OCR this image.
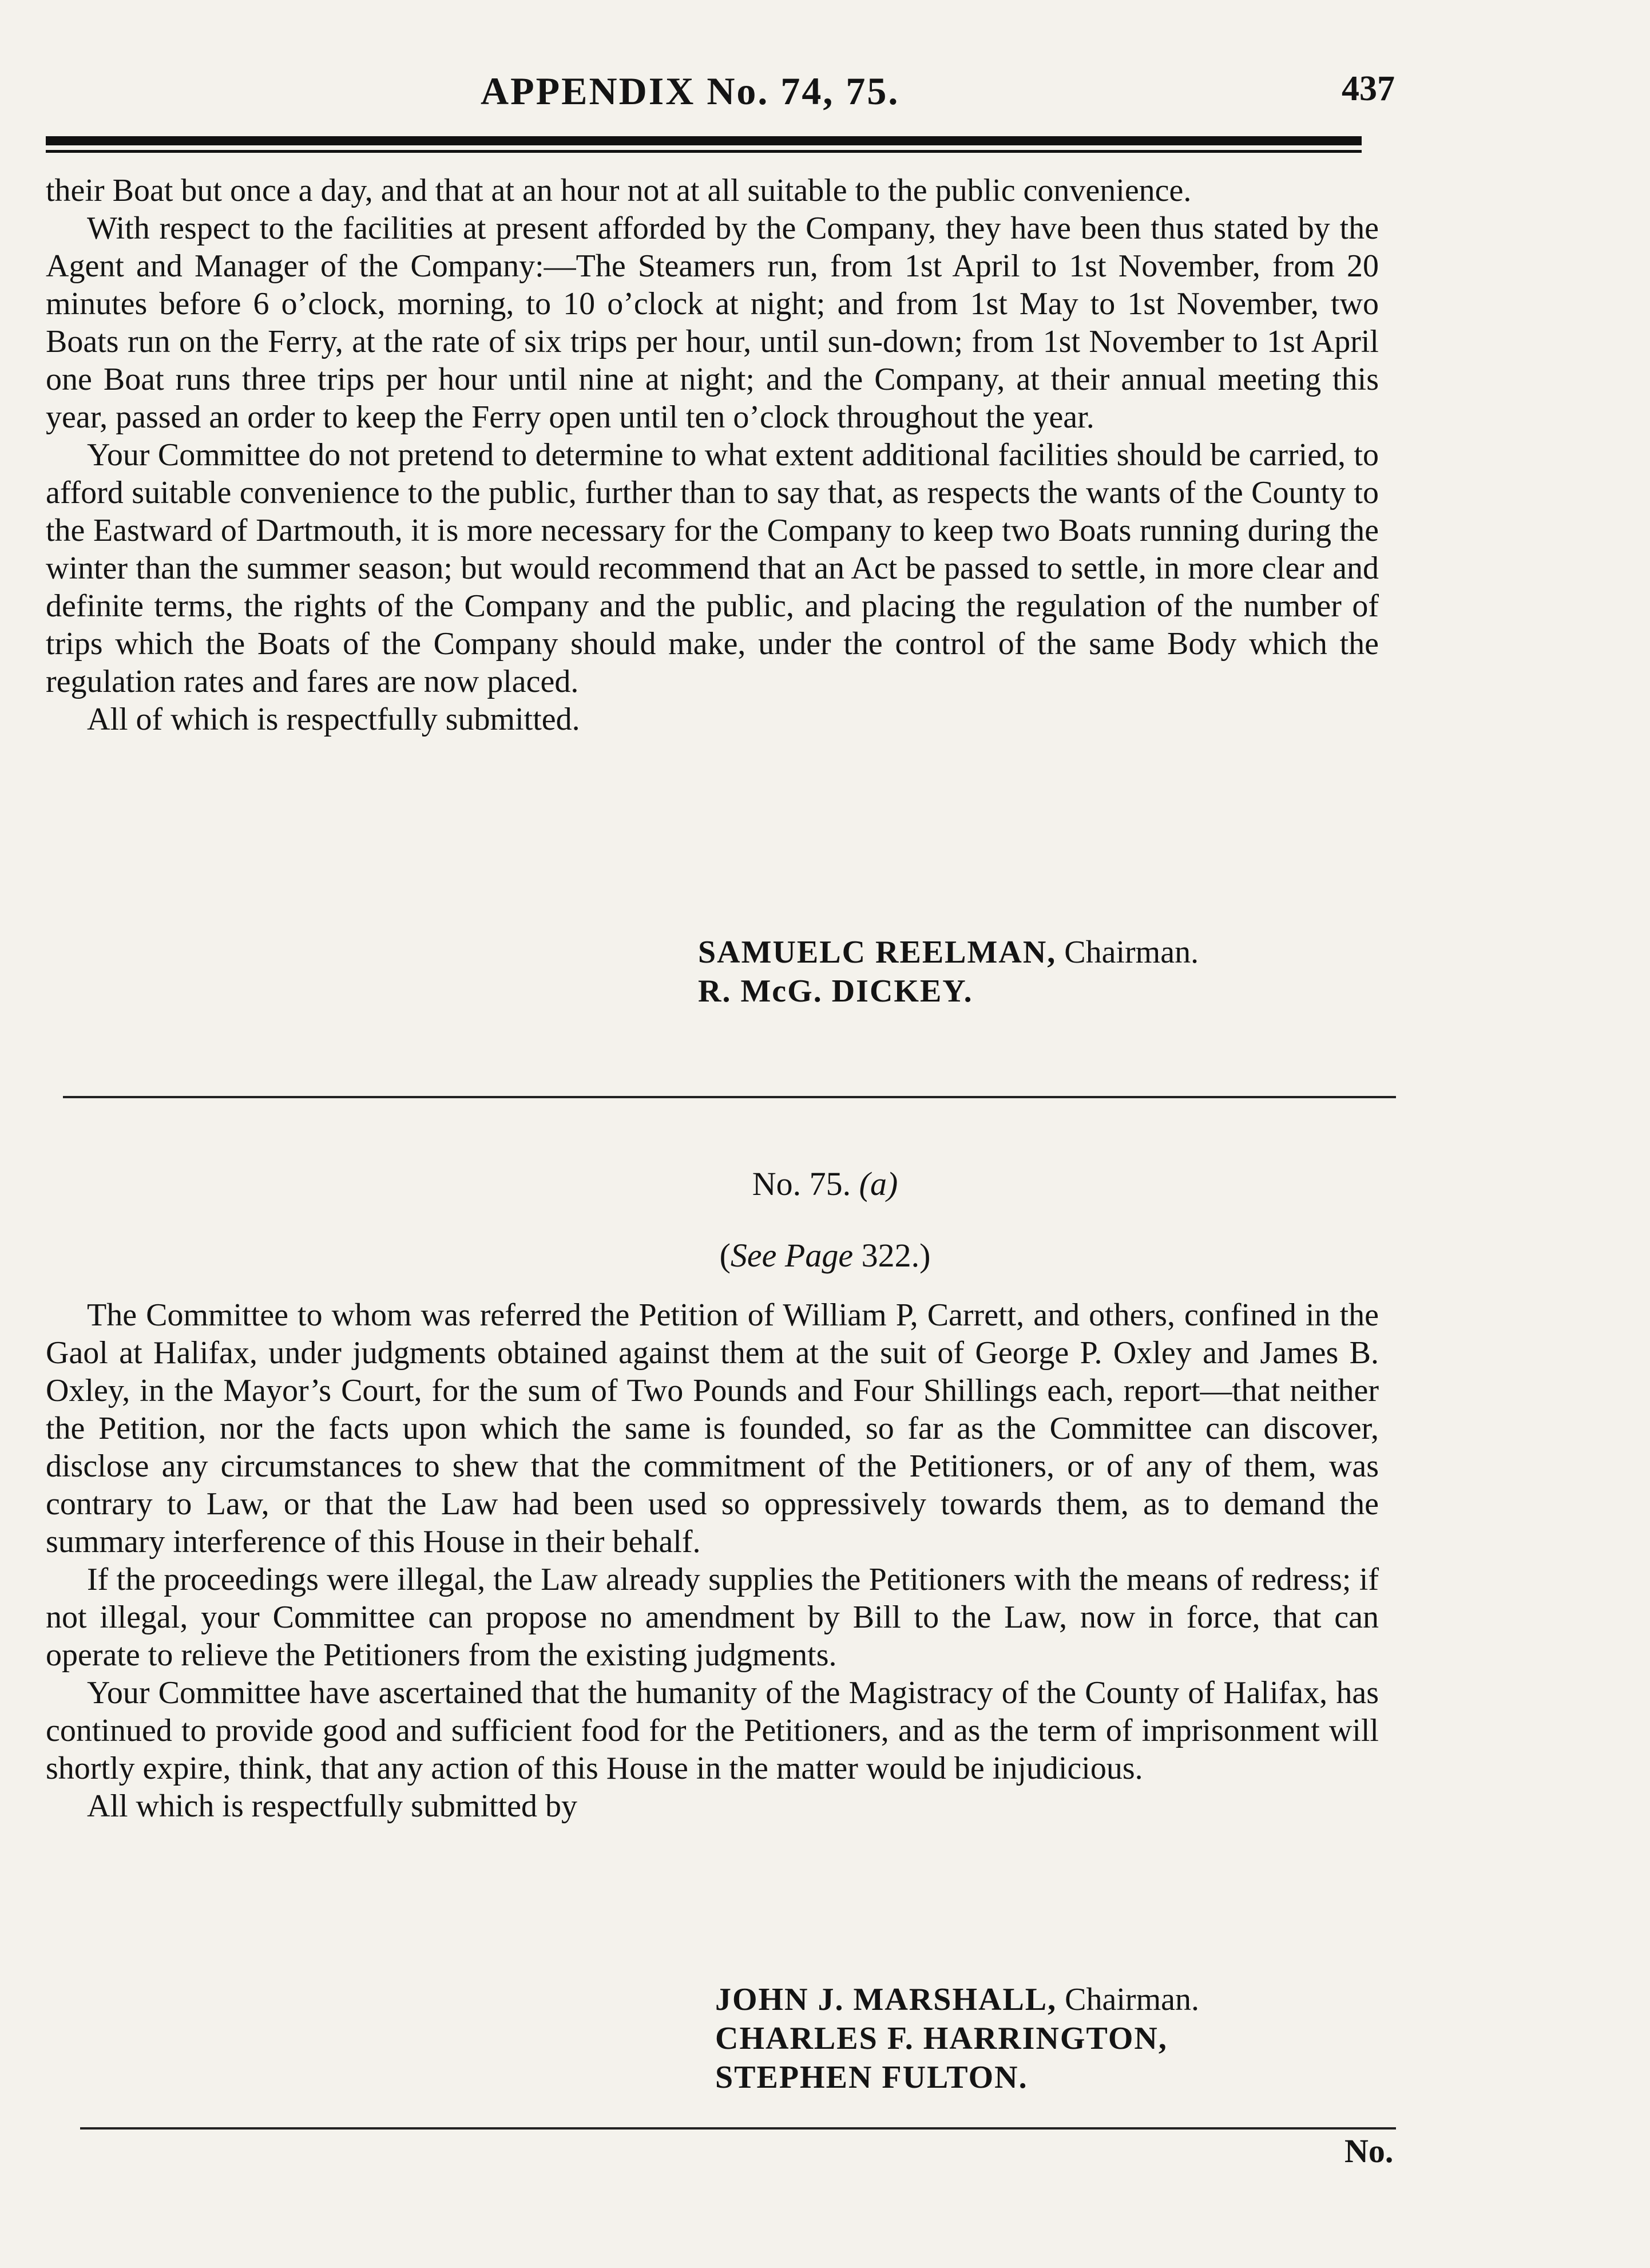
APPENDIX No. 74, 75.	437

their Boat but once a day, and that at an hour not at all suitable to the public convenience.

With respect to the facilities at present afforded by the Company, they have been thus stated by the Agent and Manager of the Company:—The Steamers run, from 1st April to 1st November, from 20 minutes before 6 o’clock, morning, to 10 o’clock at night; and from 1st May to 1st November, two Boats run on the Ferry, at the rate of six trips per hour, until sun-down; from 1st November to 1st April one Boat runs three trips per hour until nine at night; and the Company, at their annual meeting this year, passed an order to keep the Ferry open until ten o’clock throughout the year.

Your Committee do not pretend to determine to what extent additional facilities should be carried, to afford suitable convenience to the public, further than to say that, as respects the wants of the County to the Eastward of Dartmouth, it is more necessary for the Company to keep two Boats running during the winter than the summer season; but would recommend that an Act be passed to settle, in more clear and definite terms, the rights of the Company and the public, and placing the regulation of the number of trips which the Boats of the Company should make, under the control of the same Body which the regulation rates and fares are now placed.

All of which is respectfully submitted.

SAMUELC REELMAN, Chairman.
R. McG. DICKEY.
No. 75. (a)
(See Page 322.)

The Committee to whom was referred the Petition of William P, Carrett, and others, confined in the Gaol at Halifax, under judgments obtained against them at the suit of George P. Oxley and James B. Oxley, in the Mayor’s Court, for the sum of Two Pounds and Four Shillings each, report—that neither the Petition, nor the facts upon which the same is founded, so far as the Committee can discover, disclose any circumstances to shew that the commitment of the Petitioners, or of any of them, was contrary to Law, or that the Law had been used so oppressively towards them, as to demand the summary interference of this House in their behalf.

If the proceedings were illegal, the Law already supplies the Petitioners with the means of redress; if not illegal, your Committee can propose no amendment by Bill to the Law, now in force, that can operate to relieve the Petitioners from the existing judgments.

Your Committee have ascertained that the humanity of the Magistracy of the County of Halifax, has continued to provide good and sufficient food for the Petitioners, and as the term of imprisonment will shortly expire, think, that any action of this House in the matter would be injudicious.

All which is respectfully submitted by

JOHN J. MARSHALL, Chairman.
CHARLES F. HARRINGTON,
STEPHEN FULTON.
No.
